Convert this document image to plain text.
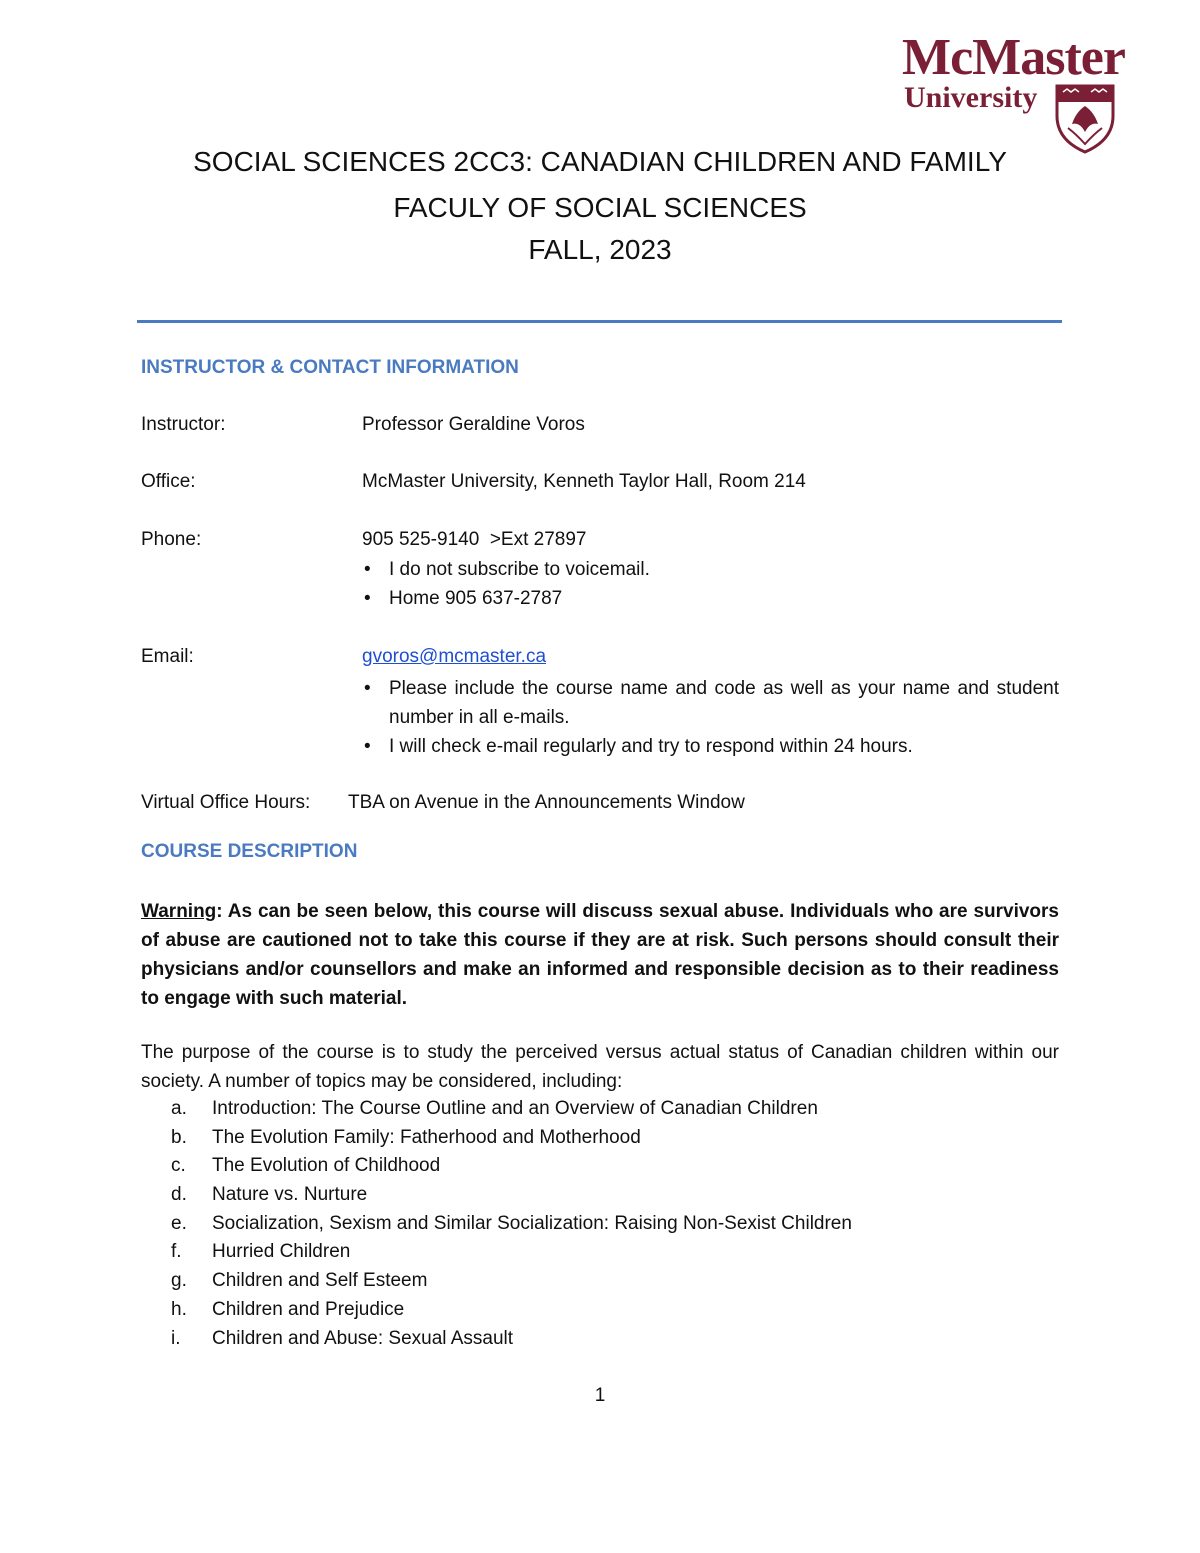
McMaster
University
SOCIAL SCIENCES 2CC3: CANADIAN CHILDREN AND FAMILY
FACULY OF SOCIAL SCIENCES
FALL, 2023
INSTRUCTOR & CONTACT INFORMATION
Instructor:	Professor Geraldine Voros
Office:	McMaster University, Kenneth Taylor Hall, Room 214
Phone:	905 525-9140  >Ext 27897
• I do not subscribe to voicemail.
• Home 905 637-2787
Email:	gvoros@mcmaster.ca
• Please include the course name and code as well as your name and student number in all e-mails.
• I will check e-mail regularly and try to respond within 24 hours.
Virtual Office Hours: TBA on Avenue in the Announcements Window
COURSE DESCRIPTION
Warning: As can be seen below, this course will discuss sexual abuse. Individuals who are survivors of abuse are cautioned not to take this course if they are at risk. Such persons should consult their physicians and/or counsellors and make an informed and responsible decision as to their readiness to engage with such material.
The purpose of the course is to study the perceived versus actual status of Canadian children within our society. A number of topics may be considered, including:
a. Introduction: The Course Outline and an Overview of Canadian Children
b. The Evolution Family: Fatherhood and Motherhood
c. The Evolution of Childhood
d. Nature vs. Nurture
e. Socialization, Sexism and Similar Socialization: Raising Non-Sexist Children
f. Hurried Children
g. Children and Self Esteem
h. Children and Prejudice
i. Children and Abuse: Sexual Assault
1
